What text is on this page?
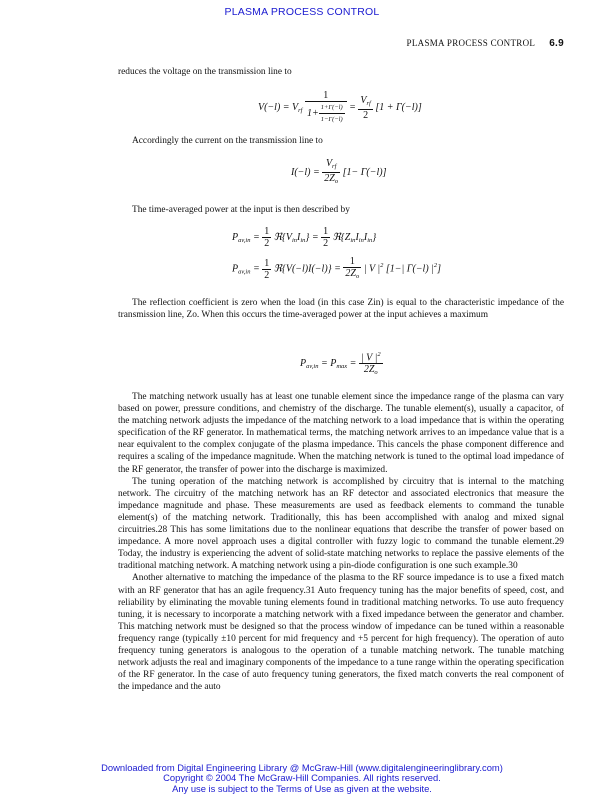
PLASMA PROCESS CONTROL
PLASMA PROCESS CONTROL 6.9

reduces the voltage on the transmission line to

$V(-l) = V_{rf} \frac{1}{1+ \frac{1+\Gamma(-l)}{1-\Gamma(-l)}} = \frac{V_{rf}}{2} [1 + \Gamma(-l)]$

Accordingly the current on the transmission line to

$I(-l) = \frac{V_{rf}}{2Z_o} [1- \Gamma(-l)]$

The time-averaged power at the input is then described by

$P_{av,in} = \frac{1}{2}$ $ℜ\{V_{in}I_{in}\} = \frac{1}{2}$ $ℜ\{Z_{in}I_{in}I_{in}\}$
$P_{av,in} = \frac{1}{2}$ ℜ{V(−l)I(−l)} = $\frac{1}{2Z_o}$ | V $|^2$ [1−| Γ(−l) $|^2$]

The reflection coefficient is zero when the load (in this case Zin) is equal to the characteristic impedance of the transmission line, Zo. When this occurs the time-averaged power at the input achieves a maximum

$P_{av,in} = P_{max} = \frac{| V |^2}{2Z_o}$

The matching network usually has at least one tunable element since the impedance range of the plasma can vary based on power, pressure conditions, and chemistry of the discharge. The tunable element(s), usually a capacitor, of the matching network adjusts the impedance of the matching network to a load impedance that is within the operating specification of the RF generator. In mathematical terms, the matching network arrives to an impedance value that is a near equivalent to the complex conjugate of the plasma impedance. This cancels the phase component difference and requires a scaling of the impedance magnitude. When the matching network is tuned to the optimal load impedance of the RF generator, the transfer of power into the discharge is maximized.

The tuning operation of the matching network is accomplished by circuitry that is internal to the matching network. The circuitry of the matching network has an RF detector and associated electronics that measure the impedance magnitude and phase. These measurements are used as feedback elements to command the tunable element(s) of the matching network. Traditionally, this has been accomplished with analog and mixed signal circuitries.28 This has some limitations due to the nonlinear equations that describe the transfer of power based on impedance. A more novel approach uses a digital controller with fuzzy logic to command the tunable element.29 Today, the industry is experiencing the advent of solid-state matching networks to replace the passive elements of the traditional matching network. A matching network using a pin-diode configuration is one such example.30

Another alternative to matching the impedance of the plasma to the RF source impedance is to use a fixed match with an RF generator that has an agile frequency.31 Auto frequency tuning has the major benefits of speed, cost, and reliability by eliminating the movable tuning elements found in traditional matching networks. To use auto frequency tuning, it is necessary to incorporate a matching network with a fixed impedance between the generator and chamber. This matching network must be designed so that the process window of impedance can be tuned within a reasonable frequency range (typically ±10 percent for mid frequency and +5 percent for high frequency). The operation of auto frequency tuning generators is analogous to the operation of a tunable matching network. The tunable matching network adjusts the real and imaginary components of the impedance to a tune range within the operating specification of the RF generator. In the case of auto frequency tuning generators, the fixed match converts the real component of the impedance and the auto

Downloaded from Digital Engineering Library @ McGraw-Hill (www.digitalengineeringlibrary.com)
Copyright © 2004 The McGraw-Hill Companies. All rights reserved.
Any use is subject to the Terms of Use as given at the website.
